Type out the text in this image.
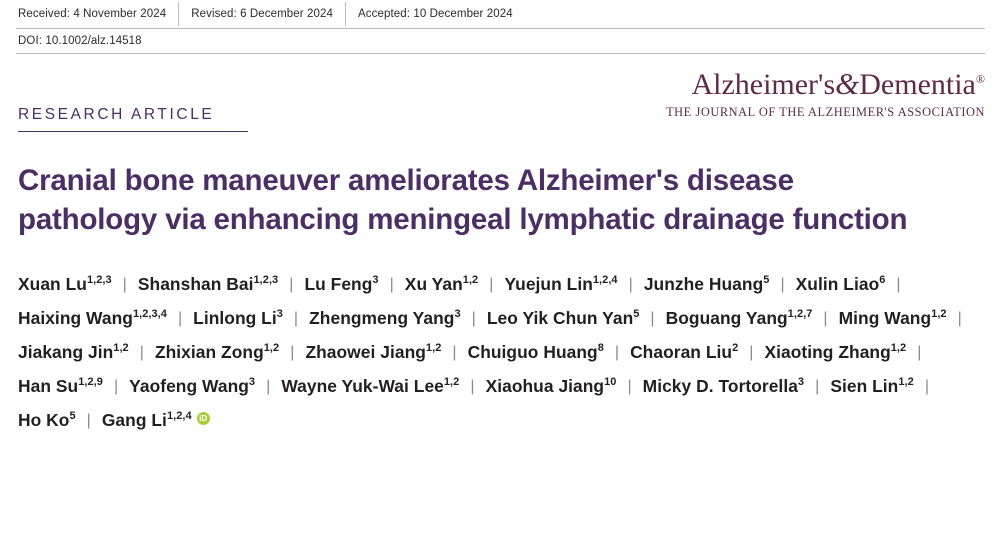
Received: 4 November 2024	Revised: 6 December 2024	Accepted: 10 December 2024
DOI: 10.1002/alz.14518
RESEARCH ARTICLE
Alzheimer's&Dementia®
THE JOURNAL OF THE ALZHEIMER'S ASSOCIATION
Cranial bone maneuver ameliorates Alzheimer's disease pathology via enhancing meningeal lymphatic drainage function
Xuan Lu$^{1,2,3}$ | Shanshan Bai$^{1,2,3}$ | Lu Feng$^3$ | Xu Yan$^{1,2}$ | Yuejun Lin$^{1,2,4}$ | Junzhe Huang$^5$ | Xulin Liao$^6$ |Haixing Wang$^{1,2,3,4}$ | Linlong Li$^3$ | Zhengmeng Yang$^3$ | Leo Yik Chun Yan$^5$ | Boguang Yang$^{1,2,7}$ | Ming Wang$^{1,2}$ |Jiakang Jin$^{1,2}$ | Zhixian Zong$^{1,2}$ | Zhaowei Jiang$^{1,2}$ | Chuiguo Huang$^8$ | Chaoran Liu$^2$ | Xiaoting Zhang$^{1,2}$ |Han Su$^{1,2,9}$ | Yaofeng Wang$^3$ | Wayne Yuk-Wai Lee$^{1,2}$ | Xiaohua Jiang$^{10}$ | Micky D. Tortorella$^3$ | Sien Lin$^{1,2}$ |Ho Ko$^5$ | Gang Li$^{1,2,4}$iD
